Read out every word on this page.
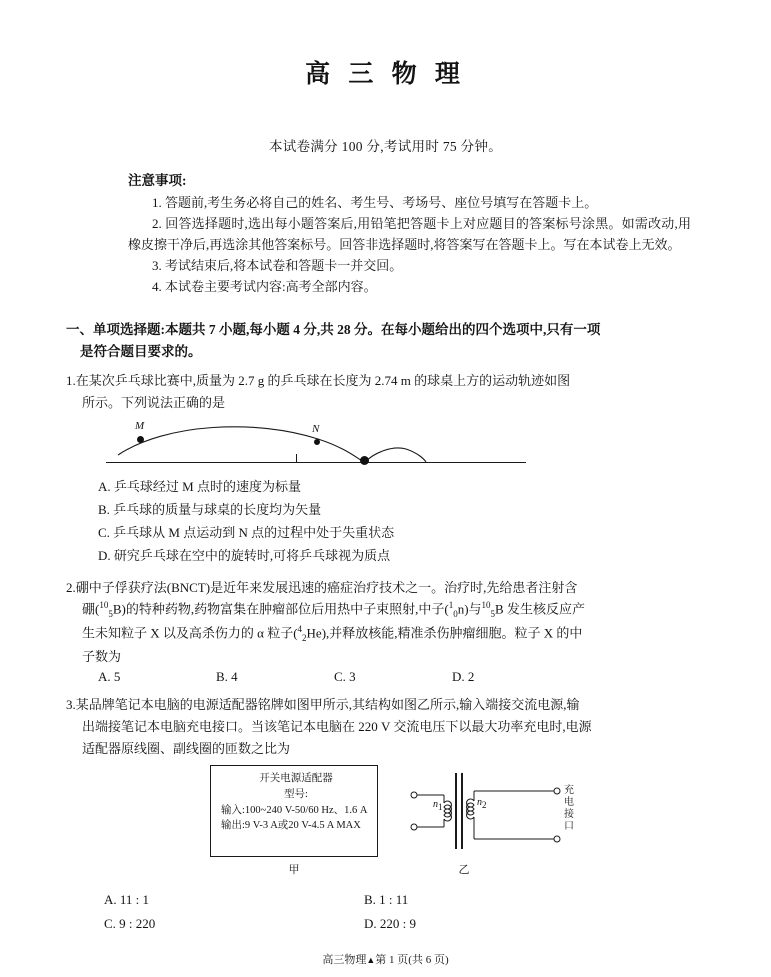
高 三 物 理
本试卷满分 100 分,考试用时 75 分钟。
注意事项:

1. 答题前,考生务必将自己的姓名、考生号、考场号、座位号填写在答题卡上。

2. 回答选择题时,选出每小题答案后,用铅笔把答题卡上对应题目的答案标号涂黑。如需改动,用橡皮擦干净后,再选涂其他答案标号。回答非选择题时,将答案写在答题卡上。写在本试卷上无效。

3. 考试结束后,将本试卷和答题卡一并交回。

4. 本试卷主要考试内容:高考全部内容。

一、单项选择题:本题共 7 小题,每小题 4 分,共 28 分。在每小题给出的四个选项中,只有一项
是符合题目要求的。
1.在某次乒乓球比赛中,质量为 2.7 g 的乒乓球在长度为 2.74 m 的球桌上方的运动轨迹如图
所示。下列说法正确的是
M	N
A. 乒乓球经过 M 点时的速度为标量
B. 乒乓球的质量与球桌的长度均为矢量
C. 乒乓球从 M 点运动到 N 点的过程中处于失重状态
D. 研究乒乓球在空中的旋转时,可将乒乓球视为质点
2.硼中子俘获疗法(BNCT)是近年来发展迅速的癌症治疗技术之一。治疗时,先给患者注射含
硼($^{10}_5$B)的特种药物,药物富集在肿瘤部位后用热中子束照射,中子($^1_0$n)与$^{10}_5$B 发生核反应产
生未知粒子 X 以及高杀伤力的 α 粒子($^4_2$He),并释放核能,精准杀伤肿瘤细胞。粒子 X 的中
子数为
A. 5	B. 4	C. 3	D. 2
3.某品牌笔记本电脑的电源适配器铭牌如图甲所示,其结构如图乙所示,输入端接交流电源,输
出端接笔记本电脑充电接口。当该笔记本电脑在 220 V 交流电压下以最大功率充电时,电源
适配器原线圈、副线圈的匝数之比为
开关电源适配器
型号:
输入:100~240 V-50/60 Hz、1.6 A
输出:9 V-3 A或20 V-4.5 A MAX
甲	乙
$n_1$	$n_2$
充电接口
A. 11 : 1	B. 1 : 11
C. 9 : 220	D. 220 : 9
高三物理▲第 1 页(共 6 页)
